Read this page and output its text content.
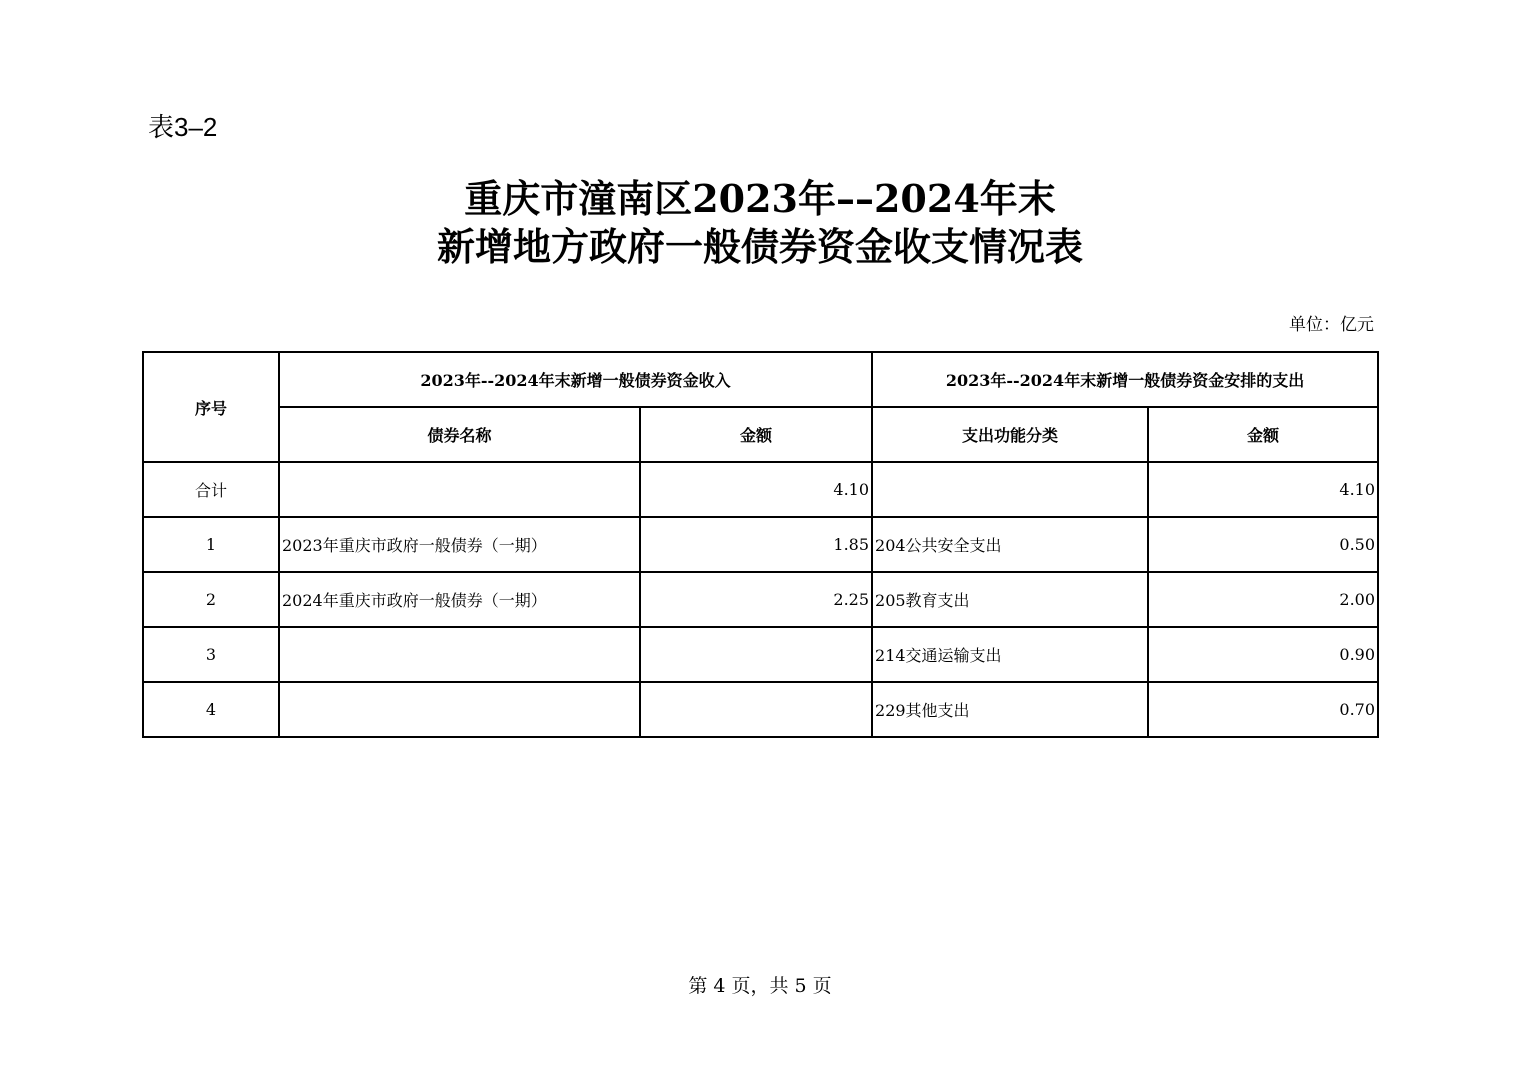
表3–2
重庆市潼南区2023年––2024年末
新增地方政府一般债券资金收支情况表
单位：亿元
序号	2023年--2024年末新增一般债券资金收入		2023年--2024年末新增一般债券资金安排的支出	
	债券名称	金额	支出功能分类	金额
合计		4.10		4.10
1	2023年重庆市政府一般债券（一期）	1.85	204公共安全支出	0.50
2	2024年重庆市政府一般债券（一期）	2.25	205教育支出	2.00
3			214交通运输支出	0.90
4			229其他支出	0.70
第 4 页，共 5 页
